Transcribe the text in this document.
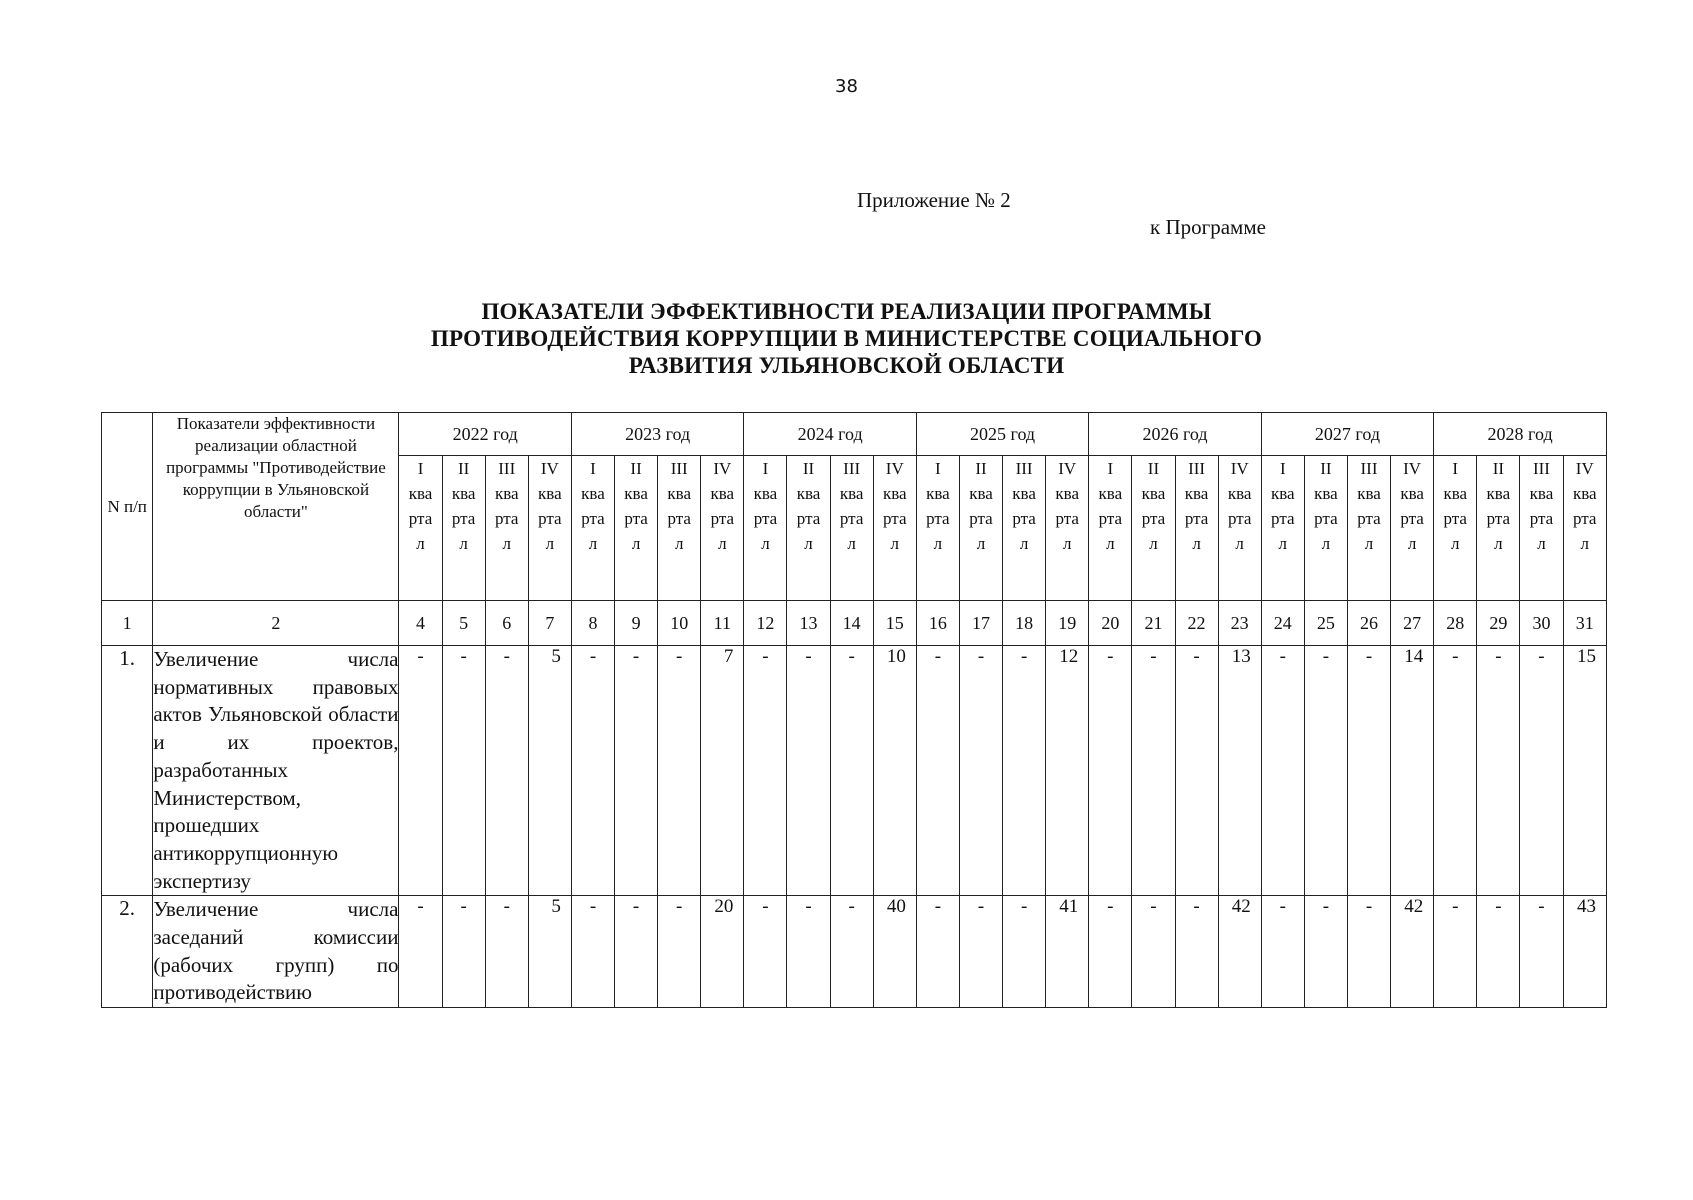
38
Приложение № 2
к Программе
ПОКАЗАТЕЛИ ЭФФЕКТИВНОСТИ РЕАЛИЗАЦИИ ПРОГРАММЫ
ПРОТИВОДЕЙСТВИЯ КОРРУПЦИИ В МИНИСТЕРСТВЕ СОЦИАЛЬНОГО
РАЗВИТИЯ УЛЬЯНОВСКОЙ ОБЛАСТИ
N п/п	Показатели эффективности реализации областной программы "Противодействие коррупции в Ульяновской области"	2022 год				2023 год				2024 год				2025 год				2026 год				2027 год				2028 год			

		I
ква
рта
л	II
ква
рта
л	III
ква
рта
л	IV
ква
рта
л	I
ква
рта
л	II
ква
рта
л	III
ква
рта
л	IV
ква
рта
л	I
ква
рта
л	II
ква
рта
л	III
ква
рта
л	IV
ква
рта
л	I
ква
рта
л	II
ква
рта
л	III
ква
рта
л	IV
ква
рта
л	I
ква
рта
л	II
ква
рта
л	III
ква
рта
л	IV
ква
рта
л	I
ква
рта
л	II
ква
рта
л	III
ква
рта
л	IV
ква
рта
л	I
ква
рта
л	II
ква
рта
л	III
ква
рта
л	IV
ква
рта
л

1	2	4	5	6	7	8	9	10	11	12	13	14	15	16	17	18	19	20	21	22	23	24	25	26	27	28	29	30	31
1.	Увеличение числа нормативных правовых актов Ульяновской области и их проектов, разработанных Министерством, прошедших антикоррупционную экспертизу	-	-	-	5	-	-	-	7	-	-	-	10	-	-	-	12	-	-	-	13	-	-	-	14	-	-	-	15
2.	Увеличение числа заседаний комиссии (рабочих групп) по противодействию	-	-	-	5	-	-	-	20	-	-	-	40	-	-	-	41	-	-	-	42	-	-	-	42	-	-	-	43
